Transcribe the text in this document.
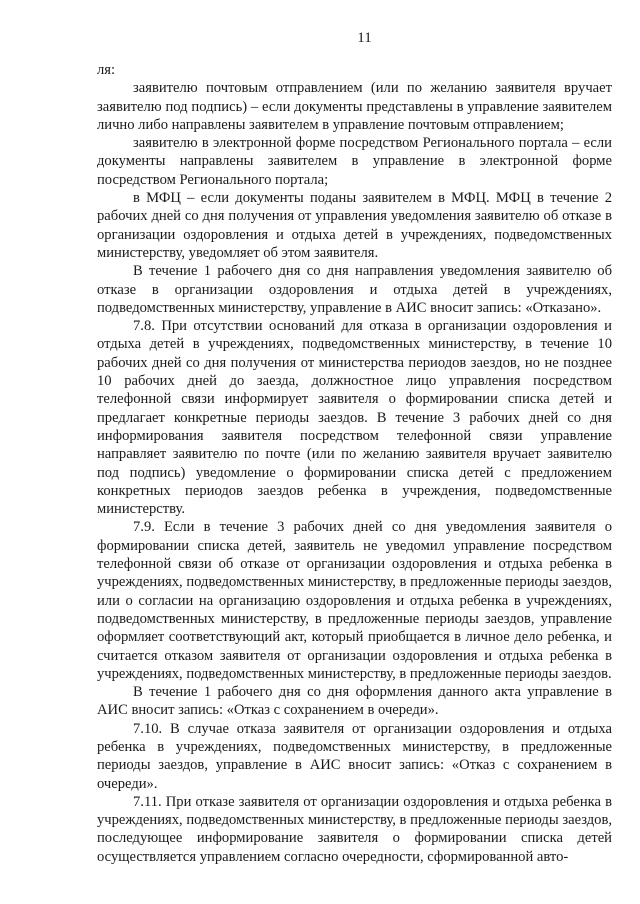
11

ля:

заявителю почтовым отправлением (или по желанию заявителя вручает заявителю под подпись) – если документы представлены в управление заявителем лично либо направлены заявителем в управление почтовым отправлением;

заявителю в электронной форме посредством Регионального портала – если документы направлены заявителем в управление в электронной форме посредством Регионального портала;

в МФЦ – если документы поданы заявителем в МФЦ. МФЦ в течение 2 рабочих дней со дня получения от управления уведомления заявителю об отказе в организации оздоровления и отдыха детей в учреждениях, подведомственных министерству, уведомляет об этом заявителя.

В течение 1 рабочего дня со дня направления уведомления заявителю об отказе в организации оздоровления и отдыха детей в учреждениях, подведомственных министерству, управление в АИС вносит запись: «Отказано».

7.8. При отсутствии оснований для отказа в организации оздоровления и отдыха детей в учреждениях, подведомственных министерству, в течение 10 рабочих дней со дня получения от министерства периодов заездов, но не позднее 10 рабочих дней до заезда, должностное лицо управления посредством телефонной связи информирует заявителя о формировании списка детей и предлагает конкретные периоды заездов. В течение 3 рабочих дней со дня информирования заявителя посредством телефонной связи управление направляет заявителю по почте (или по желанию заявителя вручает заявителю под подпись) уведомление о формировании списка детей с предложением конкретных периодов заездов ребенка в учреждения, подведомственные министерству.

7.9. Если в течение 3 рабочих дней со дня уведомления заявителя о формировании списка детей, заявитель не уведомил управление посредством телефонной связи об отказе от организации оздоровления и отдыха ребенка в учреждениях, подведомственных министерству, в предложенные периоды заездов, или о согласии на организацию оздоровления и отдыха ребенка в учреждениях, подведомственных министерству, в предложенные периоды заездов, управление оформляет соответствующий акт, который приобщается в личное дело ребенка, и считается отказом заявителя от организации оздоровления и отдыха ребенка в учреждениях, подведомственных министерству, в предложенные периоды заездов.

В течение 1 рабочего дня со дня оформления данного акта управление в АИС вносит запись: «Отказ с сохранением в очереди».

7.10. В случае отказа заявителя от организации оздоровления и отдыха ребенка в учреждениях, подведомственных министерству, в предложенные периоды заездов, управление в АИС вносит запись: «Отказ с сохранением в очереди».

7.11. При отказе заявителя от организации оздоровления и отдыха ребенка в учреждениях, подведомственных министерству, в предложенные периоды заездов, последующее информирование заявителя о формировании списка детей осуществляется управлением согласно очередности, сформированной авто-
